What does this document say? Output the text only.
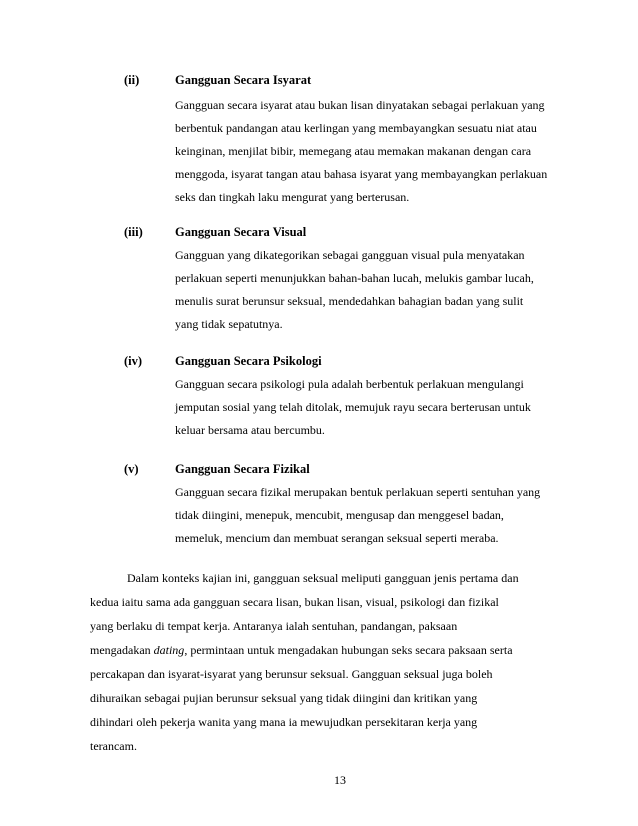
(ii)	Gangguan Secara Isyarat
Gangguan secara isyarat atau bukan lisan dinyatakan sebagai perlakuan yang
berbentuk pandangan atau kerlingan yang membayangkan sesuatu niat atau
keinginan, menjilat bibir, memegang atau memakan makanan dengan cara
menggoda, isyarat tangan atau bahasa isyarat yang membayangkan perlakuan
seks dan tingkah laku mengurat yang berterusan.
(iii)	Gangguan Secara Visual
Gangguan yang dikategorikan sebagai gangguan visual pula menyatakan
perlakuan seperti menunjukkan bahan-bahan lucah, melukis gambar lucah,
menulis surat berunsur seksual, mendedahkan bahagian badan yang sulit
yang tidak sepatutnya.
(iv)	Gangguan Secara Psikologi
Gangguan secara psikologi pula adalah berbentuk perlakuan mengulangi
jemputan sosial yang telah ditolak, memujuk rayu secara berterusan untuk
keluar bersama atau bercumbu.
(v)	Gangguan Secara Fizikal
Gangguan secara fizikal merupakan bentuk perlakuan seperti sentuhan yang
tidak diingini, menepuk, mencubit, mengusap dan menggesel badan,
memeluk, mencium dan membuat serangan seksual seperti meraba.
Dalam konteks kajian ini, gangguan seksual meliputi gangguan jenis pertama dan
kedua iaitu sama ada gangguan secara lisan, bukan lisan, visual, psikologi dan fizikal
yang berlaku di tempat kerja. Antaranya ialah sentuhan, pandangan, paksaan
mengadakan dating, permintaan untuk mengadakan hubungan seks secara paksaan serta
percakapan dan isyarat-isyarat yang berunsur seksual. Gangguan seksual juga boleh
dihuraikan sebagai pujian berunsur seksual yang tidak diingini dan kritikan yang
dihindari oleh pekerja wanita yang mana ia mewujudkan persekitaran kerja yang
terancam.
13
